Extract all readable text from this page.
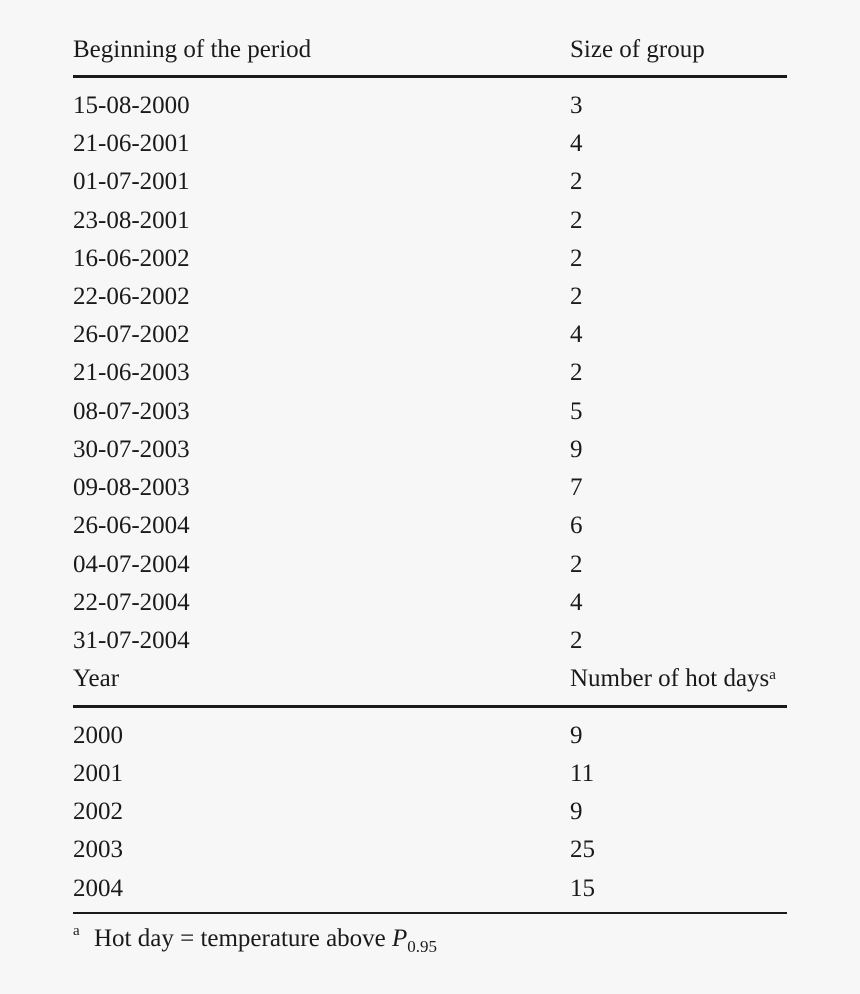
Beginning of the period	Size of group
15-08-2000	3
21-06-2001	4
01-07-2001	2
23-08-2001	2
16-06-2002	2
22-06-2002	2
26-07-2002	4
21-06-2003	2
08-07-2003	5
30-07-2003	9
09-08-2003	7
26-06-2004	6
04-07-2004	2
22-07-2004	4
31-07-2004	2
Year	Number of hot days$^a$
2000	9
2001	11
2002	9
2003	25
2004	15
a Hot day = temperature above $P_{0.95}$
